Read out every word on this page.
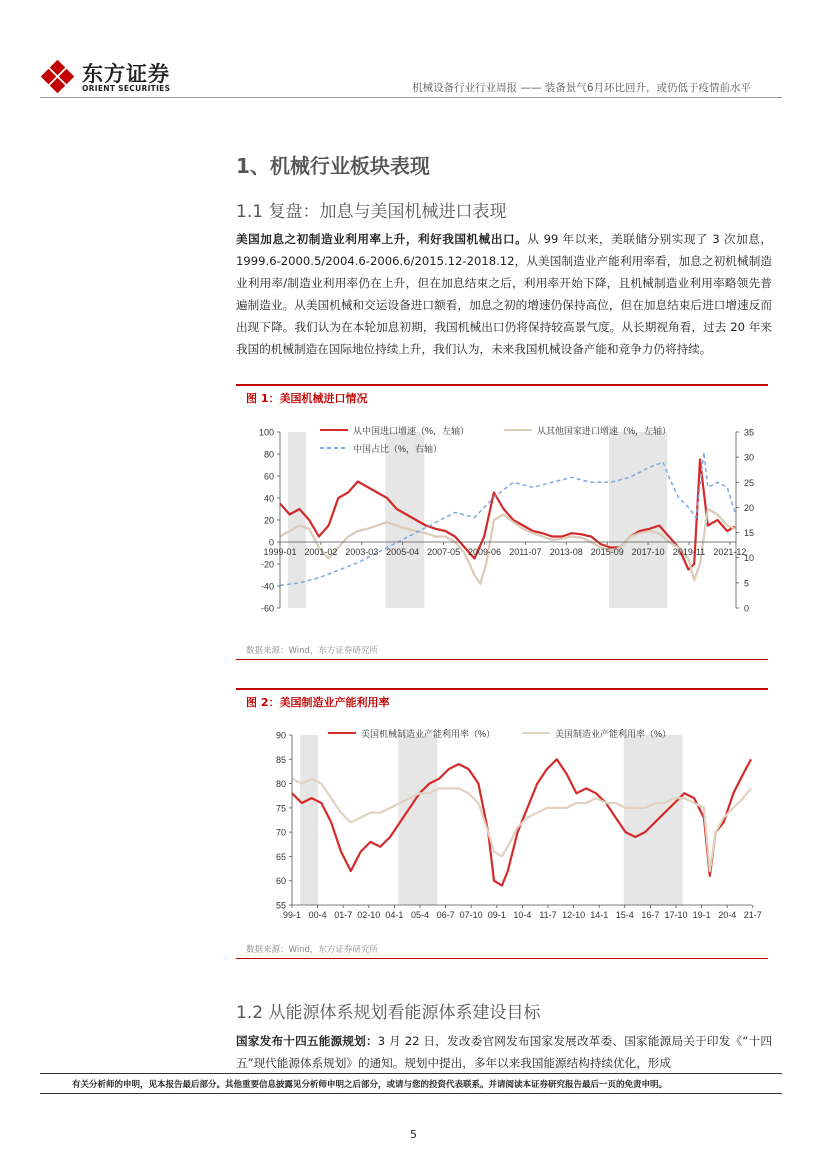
东方证券
ORIENT SECURITIES	机械设备行业行业周报 —— 装备景气6月环比回升，或仍低于疫情前水平
1、机械行业板块表现
1.1 复盘：加息与美国机械进口表现
美国加息之初制造业利用率上升，利好我国机械出口。从 99 年以来，美联储分别实现了 3 次加息，1999.6-2000.5/2004.6-2006.6/2015.12-2018.12，从美国制造业产能利用率看，加息之初机械制造业利用率/制造业利用率仍在上升，但在加息结束之后，利用率开始下降，且机械制造业利用率略领先普遍制造业。从美国机械和交运设备进口额看，加息之初的增速仍保持高位，但在加息结束后进口增速反而出现下降。我们认为在本轮加息初期，我国机械出口仍将保持较高景气度。从长期视角看，过去 20 年来我国的机械制造在国际地位持续上升，我们认为，未来我国机械设备产能和竞争力仍将持续。
图 1：美国机械进口情况
100
80
60
40
20
0
-20
-40
-60
35
30
25
20
15
10
5
0
1999-01 2001-02 2003-03 2005-04 2007-05 2009-06 2011-07 2013-08 2015-09 2017-10 2019-11 2021-12
从中国进口增速（%，左轴）	从其他国家进口增速（%，左轴）
中国占比（%，右轴）
数据来源：Wind，东方证券研究所
图 2：美国制造业产能利用率
90
85
80
75
70
65
60
55
99-1 00-4 01-7 02-10 04-1 05-4 06-7 07-10 09-1 10-4 11-7 12-10 14-1 15-4 16-7 17-10 19-1 20-4 21-7
美国机械制造业产能利用率（%）	美国制造业产能利用率（%）
数据来源：Wind，东方证券研究所
1.2 从能源体系规划看能源体系建设目标
国家发布十四五能源规划：3 月 22 日，发改委官网发布国家发展改革委、国家能源局关于印发《“十四五”现代能源体系规划》的通知。规划中提出，多年以来我国能源结构持续优化，形成
有关分析师的申明，见本报告最后部分。其他重要信息披露见分析师申明之后部分，或请与您的投资代表联系。并请阅读本证券研究报告最后一页的免责申明。
5
